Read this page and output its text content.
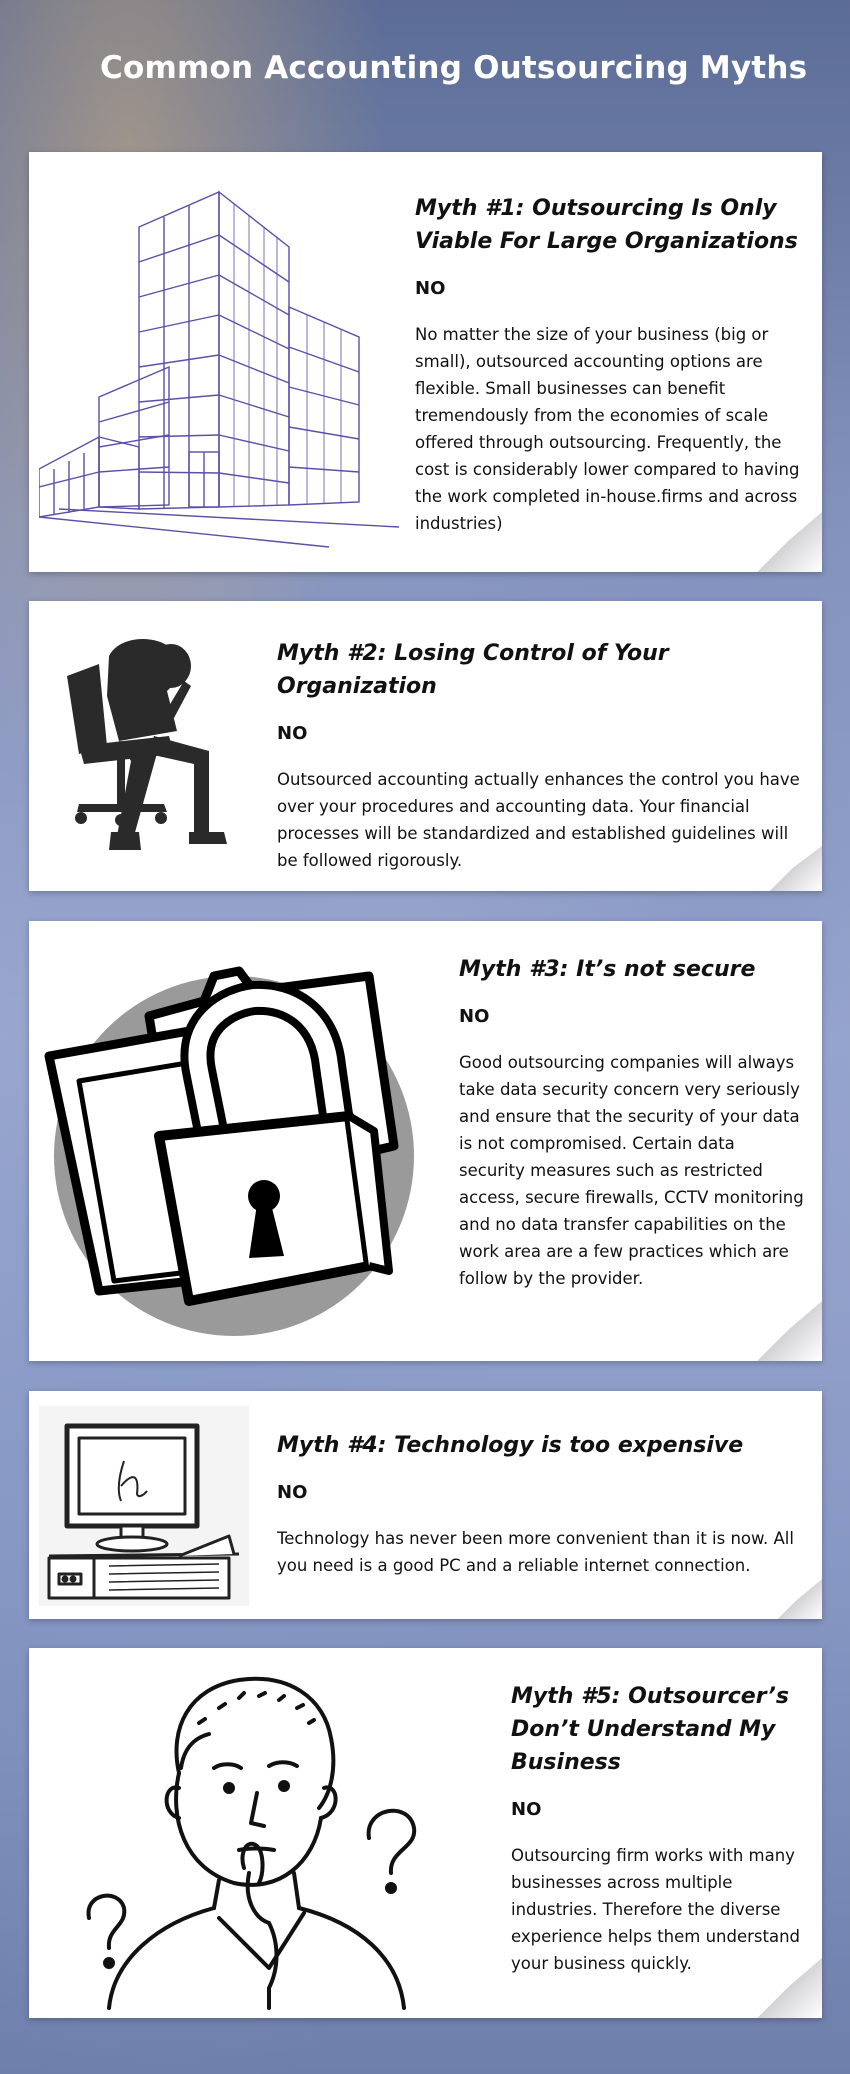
Common Accounting Outsourcing Myths
Myth #1: Outsourcing Is Only Viable For Large Organizations
NO
No matter the size of your business (big or small), outsourced accounting options are flexible. Small businesses can benefit tremendously from the economies of scale offered through outsourcing. Frequently, the cost is considerably lower compared to having the work completed in-house.firms and across industries)
Myth #2: Losing Control of Your Organization
NO
Outsourced accounting actually enhances the control you have over your procedures and accounting data. Your financial processes will be standardized and established guidelines will be followed rigorously.
Myth #3: It’s not secure
NO
Good outsourcing companies will always take data security concern very seriously and ensure that the security of your data is not compromised. Certain data security measures such as restricted access, secure firewalls, CCTV monitoring and no data transfer capabilities on the work area are a few practices which are follow by the provider.
Myth #4: Technology is too expensive
NO
Technology has never been more convenient than it is now. All you need is a good PC and a reliable internet connection.
Myth #5: Outsourcer’s Don’t Understand My Business
NO
Outsourcing firm works with many businesses across multiple industries. Therefore the diverse experience helps them understand your business quickly.
